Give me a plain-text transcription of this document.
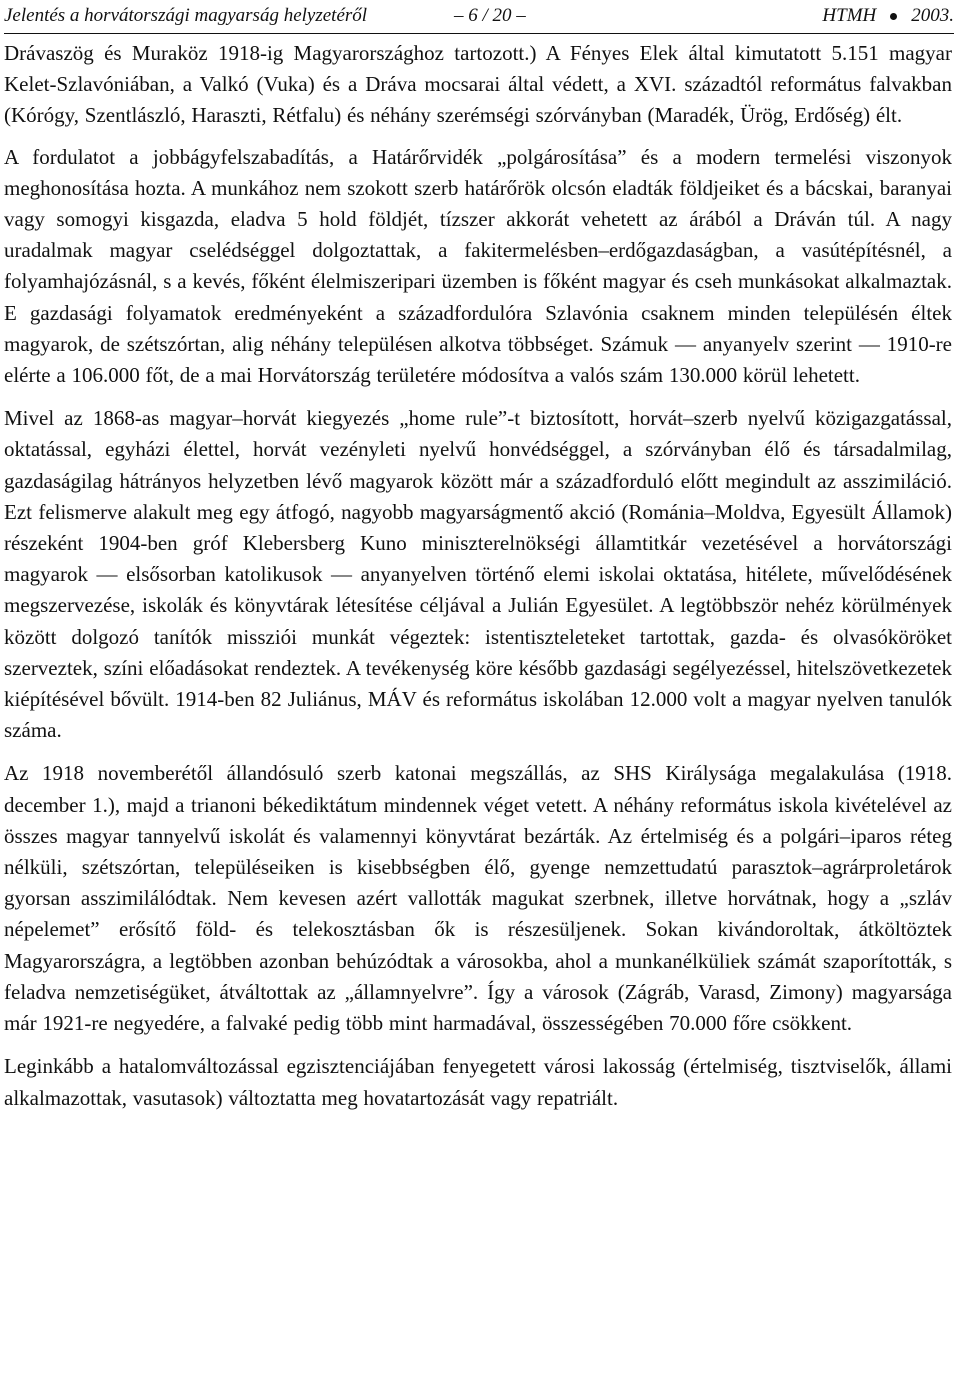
Jelentés a horvátországi magyarság helyzetéről	– 6 / 20 –	HTMH 2003.

Drávaszög és Muraköz 1918-ig Magyarországhoz tartozott.) A Fényes Elek által kimutatott 5.151 magyar Kelet-Szlavóniában, a Valkó (Vuka) és a Dráva mocsarai által védett, a XVI. századtól református falvakban (Kórógy, Szentlászló, Haraszti, Rétfalu) és néhány szerémségi szórványban (Maradék, Ürög, Erdőség) élt.

A fordulatot a jobbágyfelszabadítás, a Határőrvidék „polgárosítása” és a modern termelési viszonyok meghonosítása hozta. A munkához nem szokott szerb határőrök olcsón eladták földjeiket és a bácskai, baranyai vagy somogyi kisgazda, eladva 5 hold földjét, tízszer akkorát vehetett az árából a Dráván túl. A nagy uradalmak magyar cselédséggel dolgoztattak, a fakitermelésben–erdőgazdaságban, a vasútépítésnél, a folyamhajózásnál, s a kevés, főként élelmiszeripari üzemben is főként magyar és cseh munkásokat alkalmaztak. E gazdasági folyamatok eredményeként a századfordulóra Szlavónia csaknem minden településén éltek magyarok, de szétszórtan, alig néhány településen alkotva többséget. Számuk — anyanyelv szerint — 1910-re elérte a 106.000 főt, de a mai Horvátország területére módosítva a valós szám 130.000 körül lehetett.

Mivel az 1868-as magyar–horvát kiegyezés „home rule”-t biztosított, horvát–szerb nyelvű közigazgatással, oktatással, egyházi élettel, horvát vezényleti nyelvű honvédséggel, a szórványban élő és társadalmilag, gazdaságilag hátrányos helyzetben lévő magyarok között már a századforduló előtt megindult az asszimiláció. Ezt felismerve alakult meg egy átfogó, nagyobb magyarságmentő akció (Románia–Moldva, Egyesült Államok) részeként 1904-ben gróf Klebersberg Kuno miniszterelnökségi államtitkár vezetésével a horvátországi magyarok — elsősorban katolikusok — anyanyelven történő elemi iskolai oktatása, hitélete, művelődésének megszervezése, iskolák és könyvtárak létesítése céljával a Julián Egyesület. A legtöbbször nehéz körülmények között dolgozó tanítók missziói munkát végeztek: istentiszteleteket tartottak, gazda- és olvasóköröket szerveztek, színi előadásokat rendeztek. A tevékenység köre később gazdasági segélyezéssel, hitelszövetkezetek kiépítésével bővült. 1914-ben 82 Juliánus, MÁV és református iskolában 12.000 volt a magyar nyelven tanulók száma.

Az 1918 novemberétől állandósuló szerb katonai megszállás, az SHS Királysága megalakulása (1918. december 1.), majd a trianoni békediktátum mindennek véget vetett. A néhány református iskola kivételével az összes magyar tannyelvű iskolát és valamennyi könyvtárat bezárták. Az értelmiség és a polgári–iparos réteg nélküli, szétszórtan, településeiken is kisebbségben élő, gyenge nemzettudatú parasztok–agrárproletárok gyorsan asszimilálódtak. Nem kevesen azért vallották magukat szerbnek, illetve horvátnak, hogy a „szláv népelemet” erősítő föld- és telekosztásban ők is részesüljenek. Sokan kivándoroltak, átköltöztek Magyarországra, a legtöbben azonban behúzódtak a városokba, ahol a munkanélküliek számát szaporították, s feladva nemzetiségüket, átváltottak az „államnyelvre”. Így a városok (Zágráb, Varasd, Zimony) magyarsága már 1921-re negyedére, a falvaké pedig több mint harmadával, összességében 70.000 főre csökkent.

Leginkább a hatalomváltozással egzisztenciájában fenyegetett városi lakosság (értelmiség, tisztviselők, állami alkalmazottak, vasutasok) változtatta meg hovatartozását vagy repatriált.
